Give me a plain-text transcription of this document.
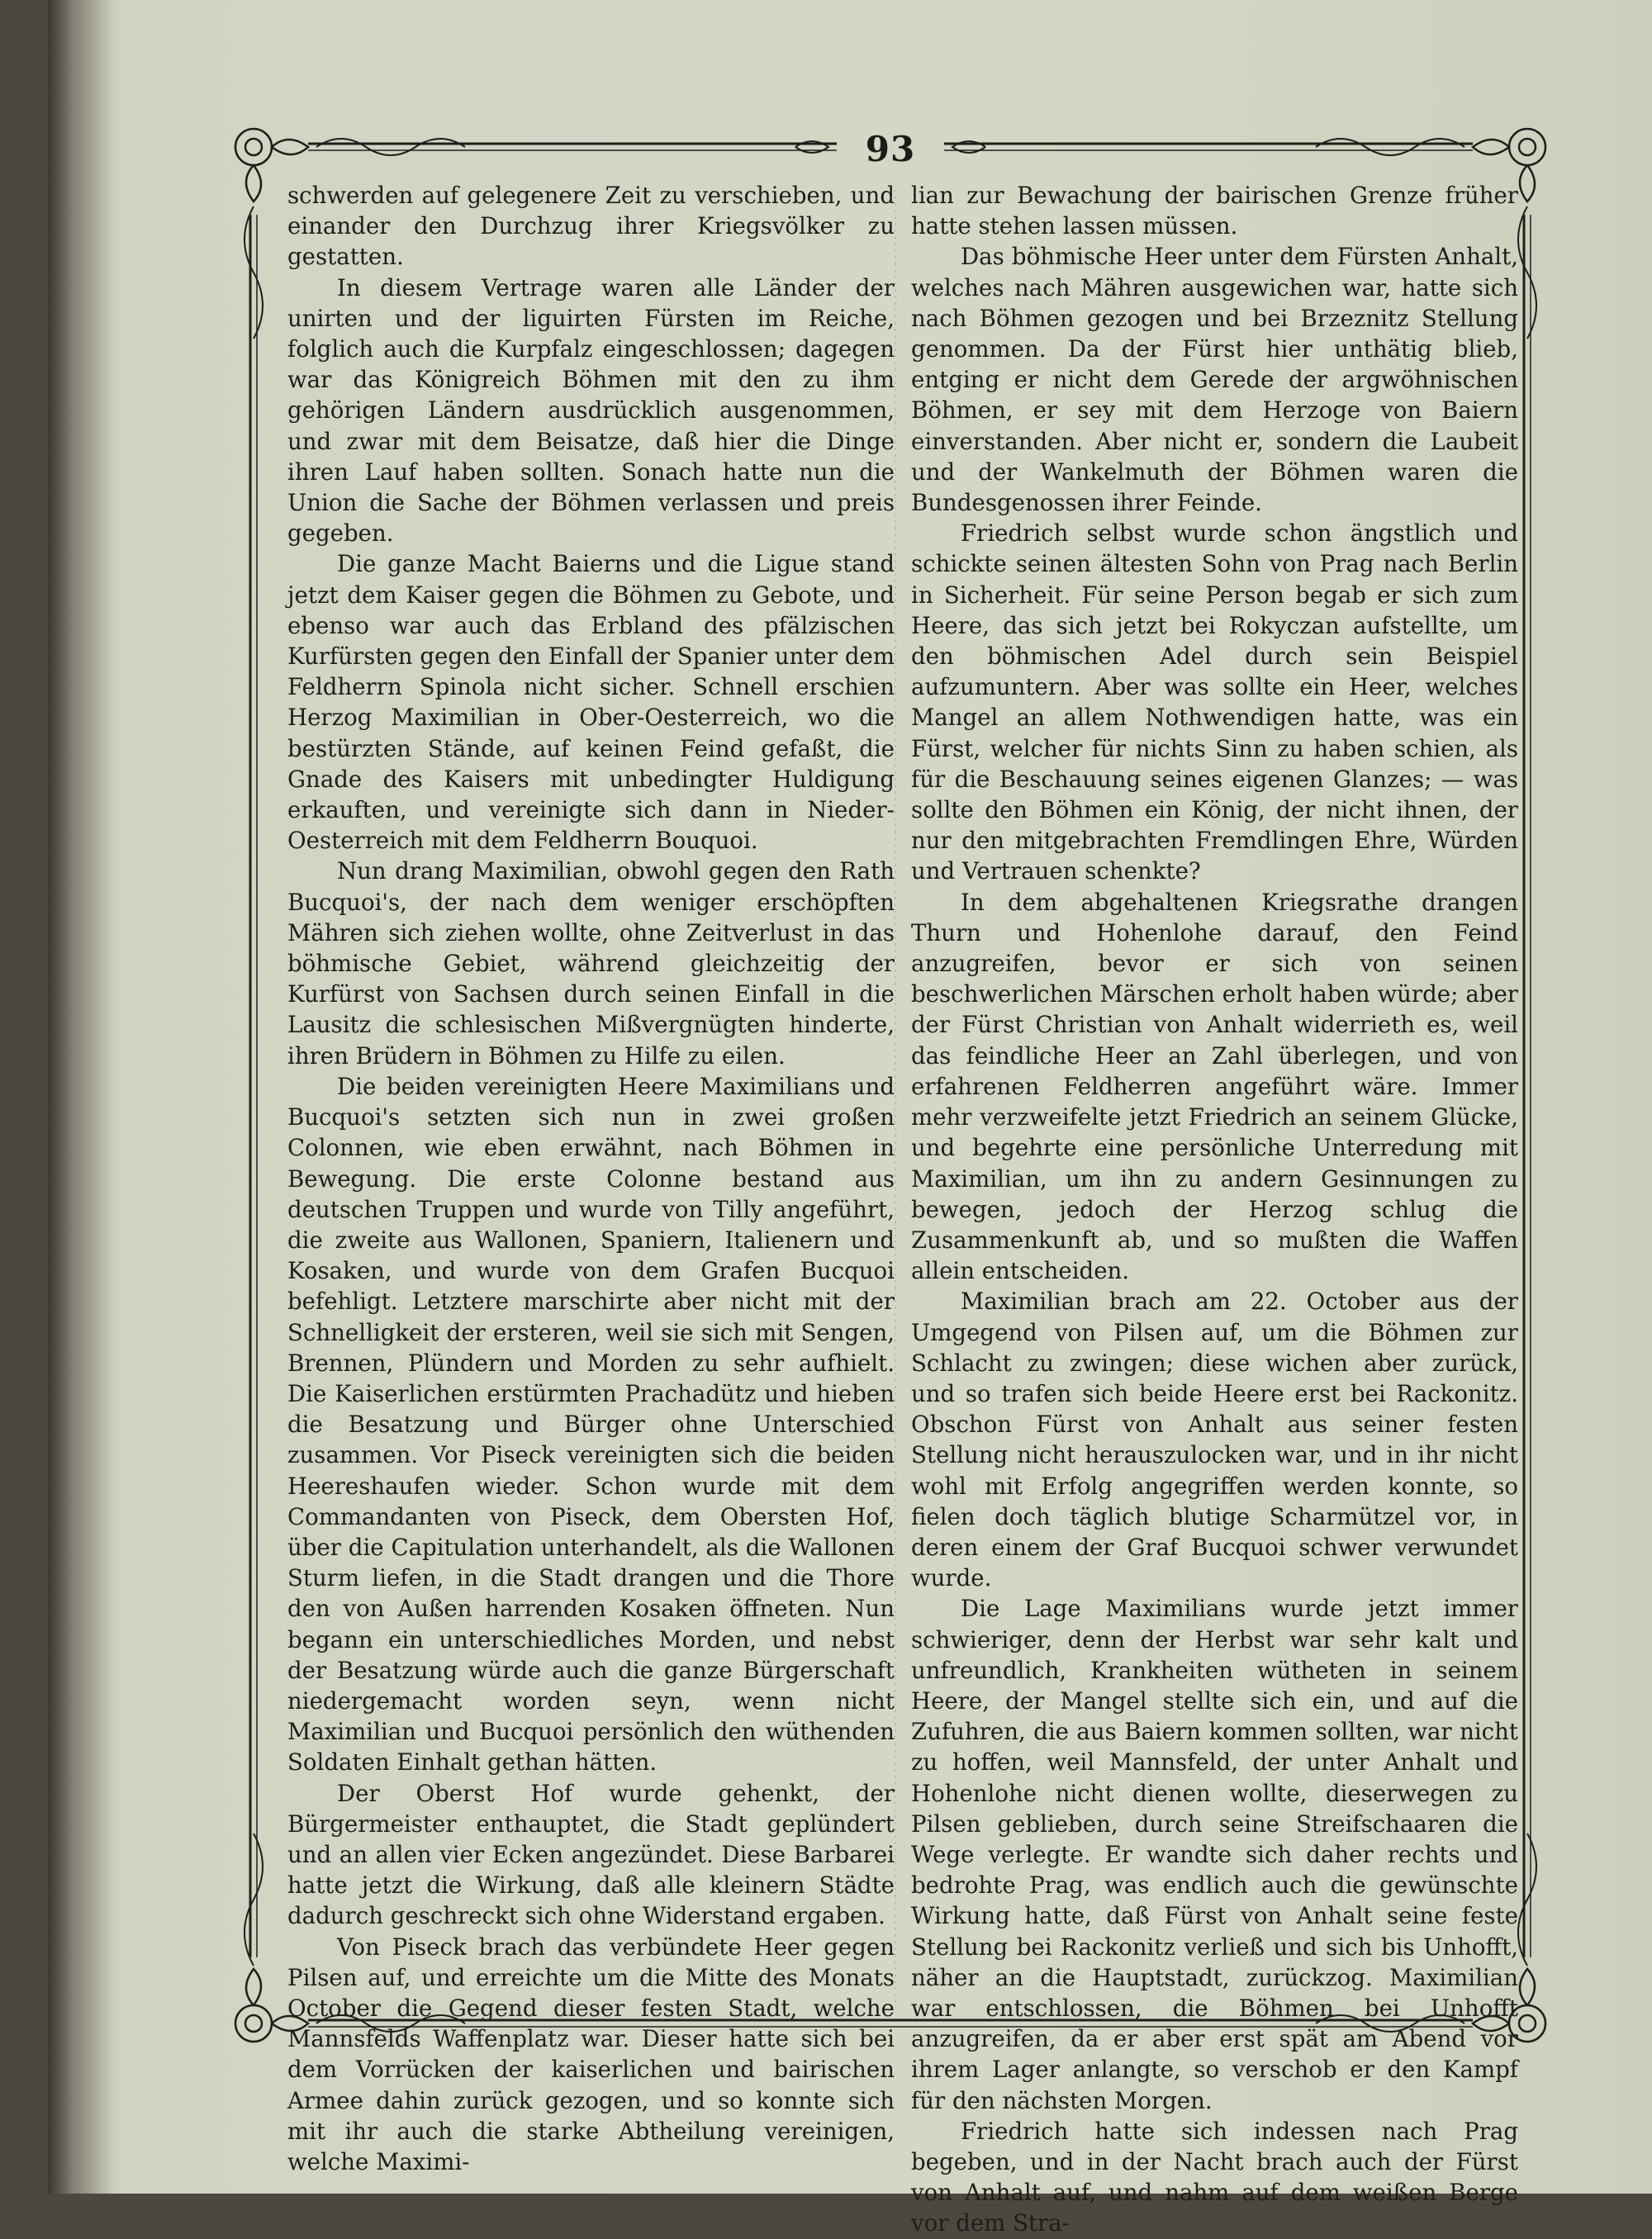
93

schwerden auf gelegenere Zeit zu verschieben, und einander den Durchzug ihrer Kriegsvölker zu gestatten.

In diesem Vertrage waren alle Länder der unirten und der liguirten Fürsten im Reiche, folglich auch die Kurpfalz eingeschlossen; dagegen war das Königreich Böhmen mit den zu ihm gehörigen Ländern ausdrücklich ausgenommen, und zwar mit dem Beisatze, daß hier die Dinge ihren Lauf haben sollten. Sonach hatte nun die Union die Sache der Böhmen verlassen und preis gegeben.

Die ganze Macht Baierns und die Ligue stand jetzt dem Kaiser gegen die Böhmen zu Gebote, und ebenso war auch das Erbland des pfälzischen Kurfürsten gegen den Einfall der Spanier unter dem Feldherrn Spinola nicht sicher. Schnell erschien Herzog Maximilian in Ober-Oesterreich, wo die bestürzten Stände, auf keinen Feind gefaßt, die Gnade des Kaisers mit unbedingter Huldigung erkauften, und vereinigte sich dann in Nieder-Oesterreich mit dem Feldherrn Bouquoi.

Nun drang Maximilian, obwohl gegen den Rath Bucquoi's, der nach dem weniger erschöpften Mähren sich ziehen wollte, ohne Zeitverlust in das böhmische Gebiet, während gleichzeitig der Kurfürst von Sachsen durch seinen Einfall in die Lausitz die schlesischen Mißvergnügten hinderte, ihren Brüdern in Böhmen zu Hilfe zu eilen.

Die beiden vereinigten Heere Maximilians und Bucquoi's setzten sich nun in zwei großen Colonnen, wie eben erwähnt, nach Böhmen in Bewegung. Die erste Colonne bestand aus deutschen Truppen und wurde von Tilly angeführt, die zweite aus Wallonen, Spaniern, Italienern und Kosaken, und wurde von dem Grafen Bucquoi befehligt. Letztere marschirte aber nicht mit der Schnelligkeit der ersteren, weil sie sich mit Sengen, Brennen, Plündern und Morden zu sehr aufhielt. Die Kaiserlichen erstürmten Prachadütz und hieben die Besatzung und Bürger ohne Unterschied zusammen. Vor Piseck vereinigten sich die beiden Heereshaufen wieder. Schon wurde mit dem Commandanten von Piseck, dem Obersten Hof, über die Capitulation unterhandelt, als die Wallonen Sturm liefen, in die Stadt drangen und die Thore den von Außen harrenden Kosaken öffneten. Nun begann ein unterschiedliches Morden, und nebst der Besatzung würde auch die ganze Bürgerschaft niedergemacht worden seyn, wenn nicht Maximilian und Bucquoi persönlich den wüthenden Soldaten Einhalt gethan hätten.

Der Oberst Hof wurde gehenkt, der Bürgermeister enthauptet, die Stadt geplündert und an allen vier Ecken angezündet. Diese Barbarei hatte jetzt die Wirkung, daß alle kleinern Städte dadurch geschreckt sich ohne Widerstand ergaben.

Von Piseck brach das verbündete Heer gegen Pilsen auf, und erreichte um die Mitte des Monats October die Gegend dieser festen Stadt, welche Mannsfelds Waffenplatz war. Dieser hatte sich bei dem Vorrücken der kaiserlichen und bairischen Armee dahin zurück gezogen, und so konnte sich mit ihr auch die starke Abtheilung vereinigen, welche Maximi-

lian zur Bewachung der bairischen Grenze früher hatte stehen lassen müssen.

Das böhmische Heer unter dem Fürsten Anhalt, welches nach Mähren ausgewichen war, hatte sich nach Böhmen gezogen und bei Brzeznitz Stellung genommen. Da der Fürst hier unthätig blieb, entging er nicht dem Gerede der argwöhnischen Böhmen, er sey mit dem Herzoge von Baiern einverstanden. Aber nicht er, sondern die Laubeit und der Wankelmuth der Böhmen waren die Bundesgenossen ihrer Feinde.

Friedrich selbst wurde schon ängstlich und schickte seinen ältesten Sohn von Prag nach Berlin in Sicherheit. Für seine Person begab er sich zum Heere, das sich jetzt bei Rokyczan aufstellte, um den böhmischen Adel durch sein Beispiel aufzumuntern. Aber was sollte ein Heer, welches Mangel an allem Nothwendigen hatte, was ein Fürst, welcher für nichts Sinn zu haben schien, als für die Beschauung seines eigenen Glanzes; — was sollte den Böhmen ein König, der nicht ihnen, der nur den mitgebrachten Fremdlingen Ehre, Würden und Vertrauen schenkte?

In dem abgehaltenen Kriegsrathe drangen Thurn und Hohenlohe darauf, den Feind anzugreifen, bevor er sich von seinen beschwerlichen Märschen erholt haben würde; aber der Fürst Christian von Anhalt widerrieth es, weil das feindliche Heer an Zahl überlegen, und von erfahrenen Feldherren angeführt wäre. Immer mehr verzweifelte jetzt Friedrich an seinem Glücke, und begehrte eine persönliche Unterredung mit Maximilian, um ihn zu andern Gesinnungen zu bewegen, jedoch der Herzog schlug die Zusammenkunft ab, und so mußten die Waffen allein entscheiden.

Maximilian brach am 22. October aus der Umgegend von Pilsen auf, um die Böhmen zur Schlacht zu zwingen; diese wichen aber zurück, und so trafen sich beide Heere erst bei Rackonitz. Obschon Fürst von Anhalt aus seiner festen Stellung nicht herauszulocken war, und in ihr nicht wohl mit Erfolg angegriffen werden konnte, so fielen doch täglich blutige Scharmützel vor, in deren einem der Graf Bucquoi schwer verwundet wurde.

Die Lage Maximilians wurde jetzt immer schwieriger, denn der Herbst war sehr kalt und unfreundlich, Krankheiten wütheten in seinem Heere, der Mangel stellte sich ein, und auf die Zufuhren, die aus Baiern kommen sollten, war nicht zu hoffen, weil Mannsfeld, der unter Anhalt und Hohenlohe nicht dienen wollte, dieserwegen zu Pilsen geblieben, durch seine Streifschaaren die Wege verlegte. Er wandte sich daher rechts und bedrohte Prag, was endlich auch die gewünschte Wirkung hatte, daß Fürst von Anhalt seine feste Stellung bei Rackonitz verließ und sich bis Unhofft, näher an die Hauptstadt, zurückzog. Maximilian war entschlossen, die Böhmen bei Unhofft anzugreifen, da er aber erst spät am Abend vor ihrem Lager anlangte, so verschob er den Kampf für den nächsten Morgen.

Friedrich hatte sich indessen nach Prag begeben, und in der Nacht brach auch der Fürst von Anhalt auf, und nahm auf dem weißen Berge vor dem Stra-
